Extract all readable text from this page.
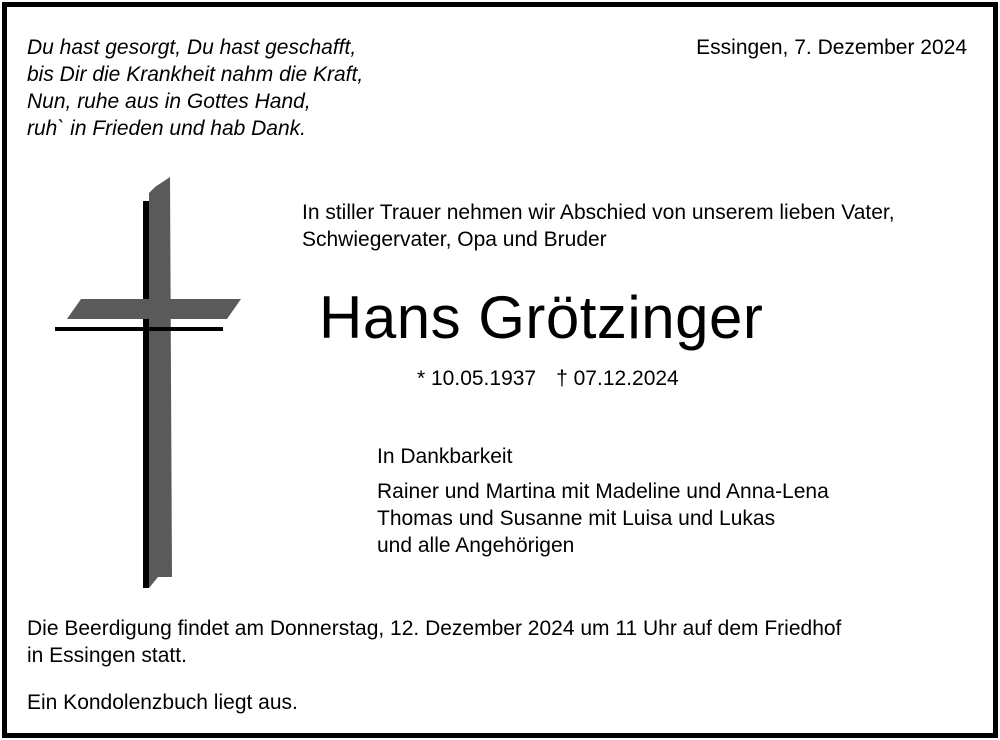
Du hast gesorgt, Du hast geschafft,
bis Dir die Krankheit nahm die Kraft,
Nun, ruhe aus in Gottes Hand,
ruh` in Frieden und hab Dank.
Essingen, 7. Dezember 2024
In stiller Trauer nehmen wir Abschied von unserem lieben Vater,
Schwiegervater, Opa und Bruder
Hans Grötzinger
* 10.05.1937 † 07.12.2024
In Dankbarkeit
Rainer und Martina mit Madeline und Anna-Lena
Thomas und Susanne mit Luisa und Lukas
und alle Angehörigen
Die Beerdigung findet am Donnerstag, 12. Dezember 2024 um 11 Uhr auf dem Friedhof
in Essingen statt.
Ein Kondolenzbuch liegt aus.
